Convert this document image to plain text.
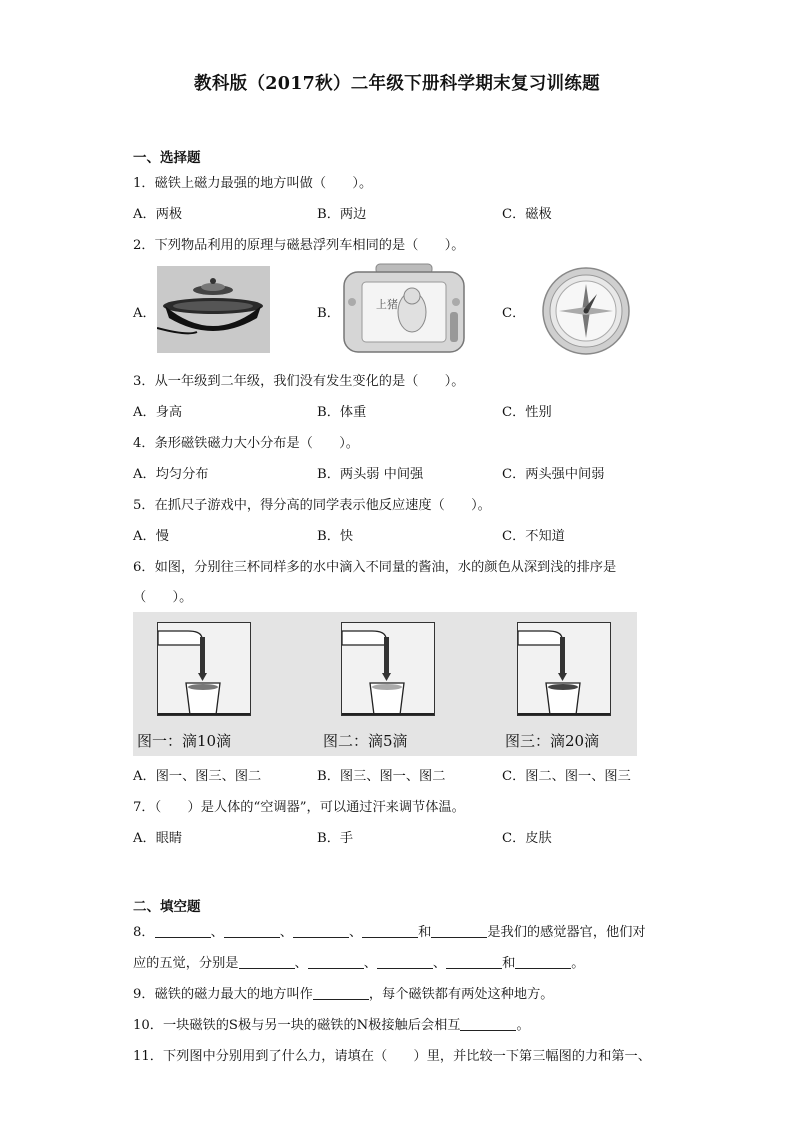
教科版（2017秋）二年级下册科学期末复习训练题
一、选择题
1．磁铁上磁力最强的地方叫做（　　）。
A．两极	B．两边	C．磁极
2．下列物品利用的原理与磁悬浮列车相同的是（　　）。
A．	B．	C．
上猪
3．从一年级到二年级，我们没有发生变化的是（　　）。
A．身高	B．体重	C．性别
4．条形磁铁磁力大小分布是（　　）。
A．均匀分布	B．两头弱 中间强	C．两头强中间弱
5．在抓尺子游戏中，得分高的同学表示他反应速度（　　）。
A．慢	B．快	C．不知道
6．如图，分别往三杯同样多的水中滴入不同量的酱油，水的颜色从深到浅的排序是
（　　）。
图一：滴10滴	图二：滴5滴	图三：滴20滴
A．图一、图三、图二	B．图三、图一、图二	C．图二、图一、图三
7．（　　）是人体的“空调器”，可以通过汗来调节体温。
A．眼睛	B．手	C．皮肤
二、填空题
8．	、	、	、	和	是我们的感觉器官，他们对
应的五觉，分别是	、	、	、	和	。
9．磁铁的磁力最大的地方叫作	，每个磁铁都有两处这种地方。
10．一块磁铁的S极与另一块的磁铁的N极接触后会相互	。
11．下列图中分别用到了什么力，请填在（　　）里，并比较一下第三幅图的力和第一、
